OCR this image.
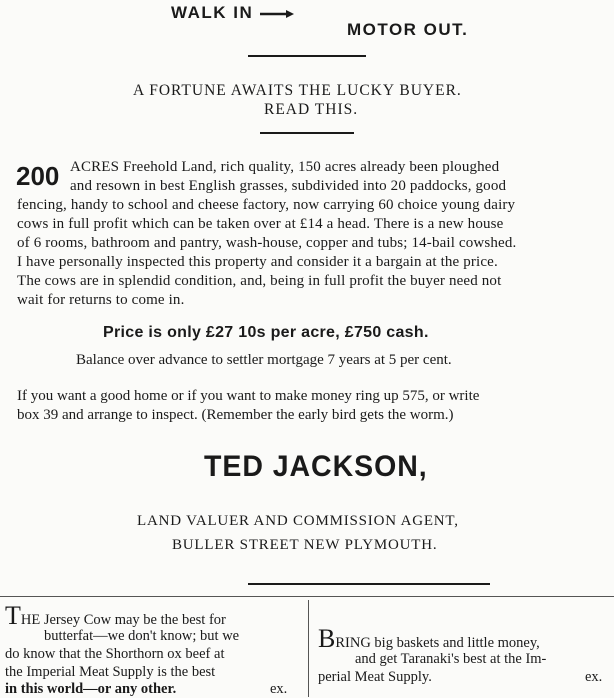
WALK IN
MOTOR OUT.
A FORTUNE AWAITS THE LUCKY BUYER.
READ THIS.
200 ACRES Freehold Land, rich quality, 150 acres already been ploughed
and resown in best English grasses, subdivided into 20 paddocks, good
fencing, handy to school and cheese factory, now carrying 60 choice young dairy
cows in full profit which can be taken over at £14 a head. There is a new house
of 6 rooms, bathroom and pantry, wash-house, copper and tubs; 14-bail cowshed.
I have personally inspected this property and consider it a bargain at the price.
The cows are in splendid condition, and, being in full profit the buyer need not
wait for returns to come in.
Price is only £27 10s per acre, £750 cash.
Balance over advance to settler mortgage 7 years at 5 per cent.
If you want a good home or if you want to make money ring up 575, or write
box 39 and arrange to inspect. (Remember the early bird gets the worm.)
TED JACKSON,
LAND VALUER AND COMMISSION AGENT,
BULLER STREET NEW PLYMOUTH.
THE Jersey Cow may be the best for
butterfat—we don't know; but we
do know that the Shorthorn ox beef at
the Imperial Meat Supply is the best
in this world—or any other.	ex.
BRING big baskets and little money,
and get Taranaki's best at the Im-
perial Meat Supply.	ex.
